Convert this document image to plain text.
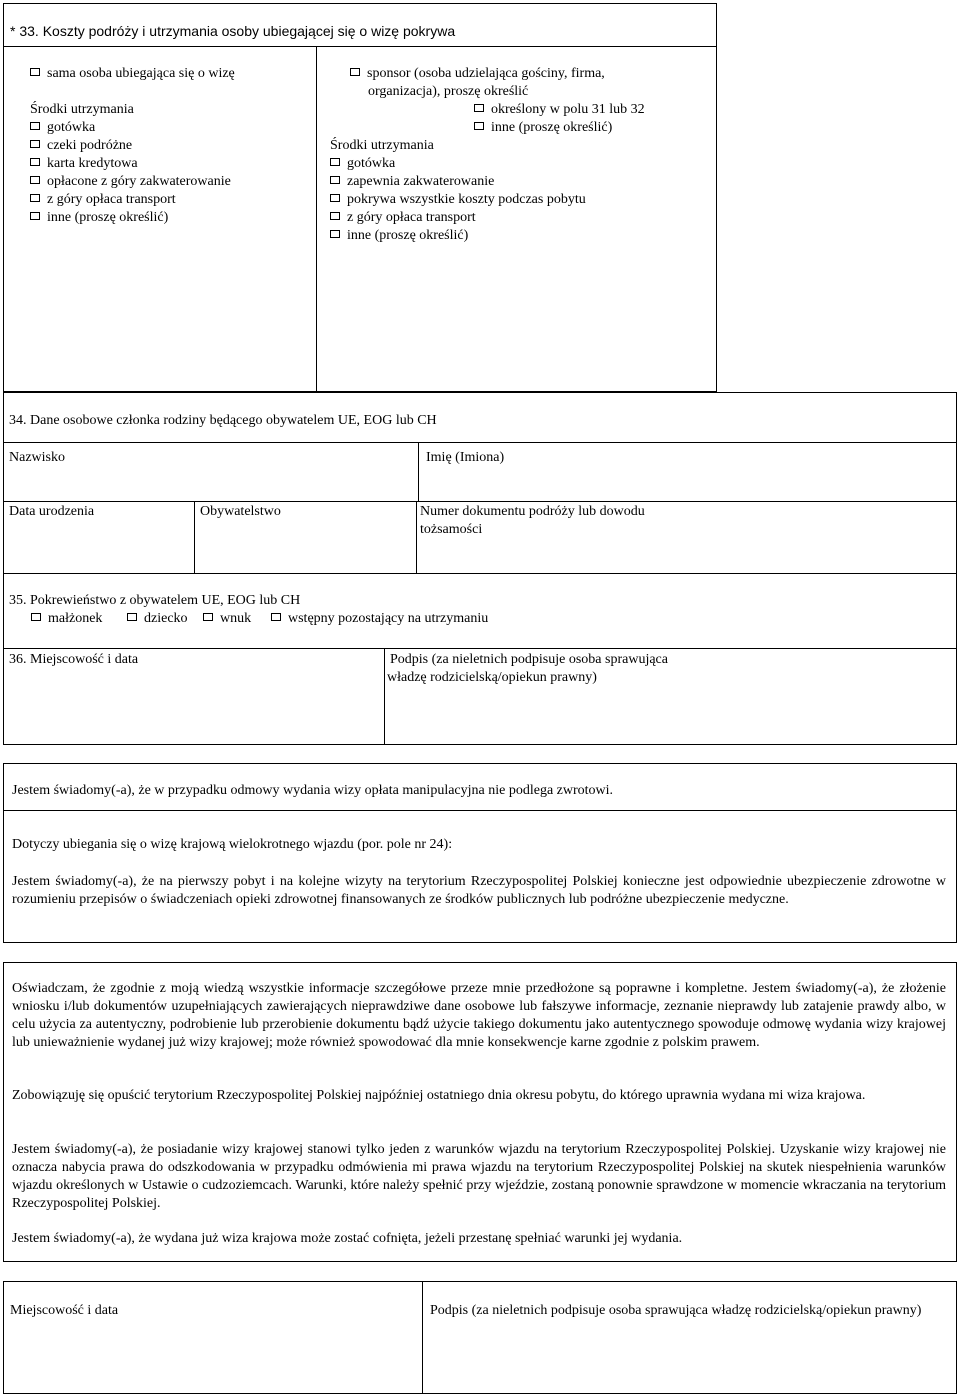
* 33. Koszty podróży i utrzymania osoby ubiegającej się o wizę pokrywa
sama osoba ubiegająca się o wizę
Środki utrzymania
gotówka
czeki podróżne
karta kredytowa
opłacone z góry zakwaterowanie
z góry opłaca transport
inne (proszę określić)
sponsor (osoba udzielająca gościny, firma,
organizacja), proszę określić
określony w polu 31 lub 32
inne (proszę określić)
Środki utrzymania
gotówka
zapewnia zakwaterowanie
pokrywa wszystkie koszty podczas pobytu
z góry opłaca transport
inne (proszę określić)
34. Dane osobowe członka rodziny będącego obywatelem UE, EOG lub CH
Nazwisko	Imię (Imiona)
Data urodzenia	Obywatelstwo	Numer dokumentu podróży lub dowodu
tożsamości
35. Pokrewieństwo z obywatelem UE, EOG lub CH
małżonek	dziecko	wnuk	wstępny pozostający na utrzymaniu
36. Miejscowość i data	Podpis (za nieletnich podpisuje osoba sprawująca
władzę rodzicielską/opiekun prawny)
Jestem świadomy(-a), że w przypadku odmowy wydania wizy opłata manipulacyjna nie podlega zwrotowi.
Dotyczy ubiegania się o wizę krajową wielokrotnego wjazdu (por. pole nr 24):
Jestem świadomy(-a), że na pierwszy pobyt i na kolejne wizyty na terytorium Rzeczypospolitej Polskiej konieczne jest odpowiednie ubezpieczenie zdrowotne w rozumieniu przepisów o świadczeniach opieki zdrowotnej finansowanych ze środków publicznych lub podróżne ubezpieczenie medyczne.
Oświadczam, że zgodnie z moją wiedzą wszystkie informacje szczegółowe przeze mnie przedłożone są poprawne i kompletne. Jestem świadomy(-a), że złożenie wniosku i/lub dokumentów uzupełniających zawierających nieprawdziwe dane osobowe lub fałszywe informacje, zeznanie nieprawdy lub zatajenie prawdy albo, w celu użycia za autentyczny, podrobienie lub przerobienie dokumentu bądź użycie takiego dokumentu jako autentycznego spowoduje odmowę wydania wizy krajowej lub unieważnienie wydanej już wizy krajowej; może również spowodować dla mnie konsekwencje karne zgodnie z polskim prawem.
Zobowiązuję się opuścić terytorium Rzeczypospolitej Polskiej najpóźniej ostatniego dnia okresu pobytu, do którego uprawnia wydana mi wiza krajowa.
Jestem świadomy(-a), że posiadanie wizy krajowej stanowi tylko jeden z warunków wjazdu na terytorium Rzeczypospolitej Polskiej. Uzyskanie wizy krajowej nie oznacza nabycia prawa do odszkodowania w przypadku odmówienia mi prawa wjazdu na terytorium Rzeczypospolitej Polskiej na skutek niespełnienia warunków wjazdu określonych w Ustawie o cudzoziemcach. Warunki, które należy spełnić przy wjeździe, zostaną ponownie sprawdzone w momencie wkraczania na terytorium Rzeczypospolitej Polskiej.
Jestem świadomy(-a), że wydana już wiza krajowa może zostać cofnięta, jeżeli przestanę spełniać warunki jej wydania.
Miejscowość i data	Podpis (za nieletnich podpisuje osoba sprawująca władzę rodzicielską/opiekun prawny)
